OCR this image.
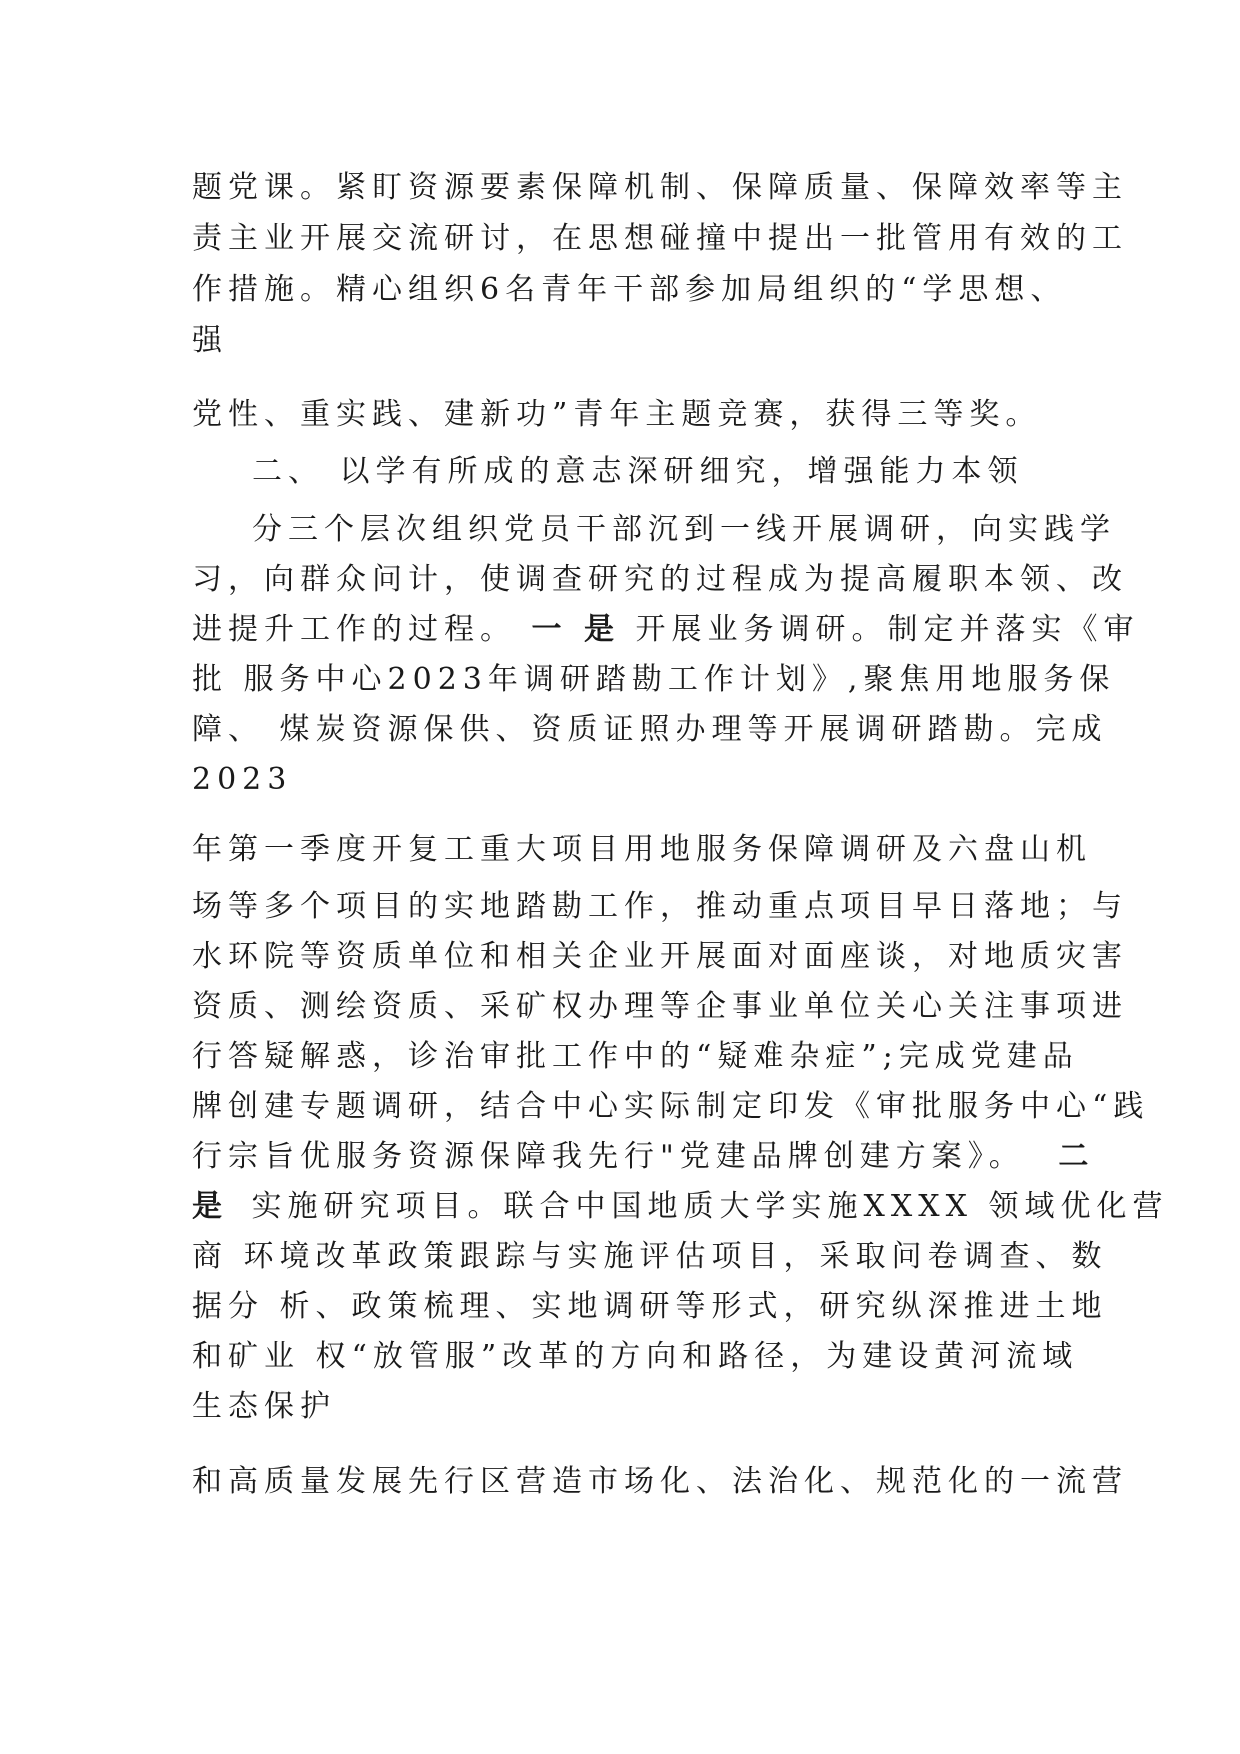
题党课。紧盯资源要素保障机制、保障质量、保障效率等主
责主业开展交流研讨，在思想碰撞中提出一批管用有效的工
作措施。精心组织6名青年干部参加局组织的“学思想、
强
党性、重实践、建新功”青年主题竞赛，获得三等奖。
二、 以学有所成的意志深研细究，增强能力本领
分三个层次组织党员干部沉到一线开展调研，向实践学
习，向群众问计，使调查研究的过程成为提高履职本领、改
进提升工作的过程。 一 是 开展业务调研。制定并落实《审
批 服务中心2023年调研踏勘工作计划》,聚焦用地服务保
障、 煤炭资源保供、资质证照办理等开展调研踏勘。完成
2023
年第一季度开复工重大项目用地服务保障调研及六盘山机
场等多个项目的实地踏勘工作，推动重点项目早日落地；与
水环院等资质单位和相关企业开展面对面座谈，对地质灾害
资质、测绘资质、采矿权办理等企事业单位关心关注事项进
行答疑解惑，诊治审批工作中的“疑难杂症”;完成党建品
牌创建专题调研，结合中心实际制定印发《审批服务中心“践
行宗旨优服务资源保障我先行"党建品牌创建方案》。 二
是 实施研究项目。联合中国地质大学实施XXXX 领域优化营
商 环境改革政策跟踪与实施评估项目，采取问卷调查、数
据分 析、政策梳理、实地调研等形式，研究纵深推进土地
和矿业 权“放管服”改革的方向和路径，为建设黄河流域
生态保护
和高质量发展先行区营造市场化、法治化、规范化的一流营
